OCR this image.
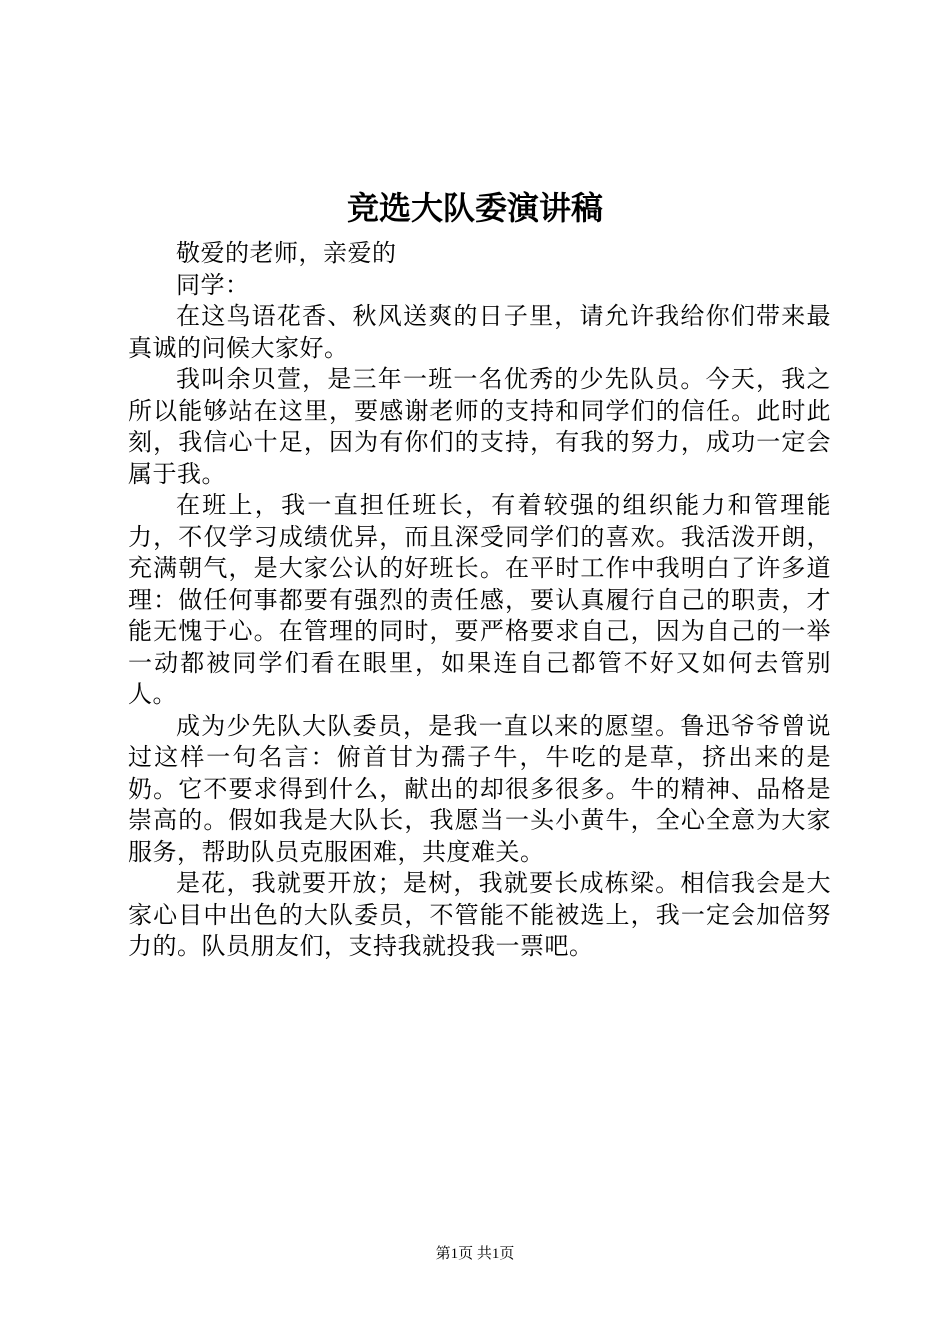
竞选大队委演讲稿

敬爱的老师，亲爱的

同学：

在这鸟语花香、秋风送爽的日子里，请允许我给你们带来最真诚的问候大家好。

我叫余贝萱，是三年一班一名优秀的少先队员。今天，我之所以能够站在这里，要感谢老师的支持和同学们的信任。此时此刻，我信心十足，因为有你们的支持，有我的努力，成功一定会属于我。

在班上，我一直担任班长，有着较强的组织能力和管理能力，不仅学习成绩优异，而且深受同学们的喜欢。我活泼开朗，充满朝气，是大家公认的好班长。在平时工作中我明白了许多道理：做任何事都要有强烈的责任感，要认真履行自己的职责，才能无愧于心。在管理的同时，要严格要求自己，因为自己的一举一动都被同学们看在眼里，如果连自己都管不好又如何去管别人。

成为少先队大队委员，是我一直以来的愿望。鲁迅爷爷曾说过这样一句名言：俯首甘为孺子牛，牛吃的是草，挤出来的是奶。它不要求得到什么，献出的却很多很多。牛的精神、品格是崇高的。假如我是大队长，我愿当一头小黄牛，全心全意为大家服务，帮助队员克服困难，共度难关。

是花，我就要开放；是树，我就要长成栋梁。相信我会是大家心目中出色的大队委员，不管能不能被选上，我一定会加倍努力的。队员朋友们，支持我就投我一票吧。

第1页 共1页
